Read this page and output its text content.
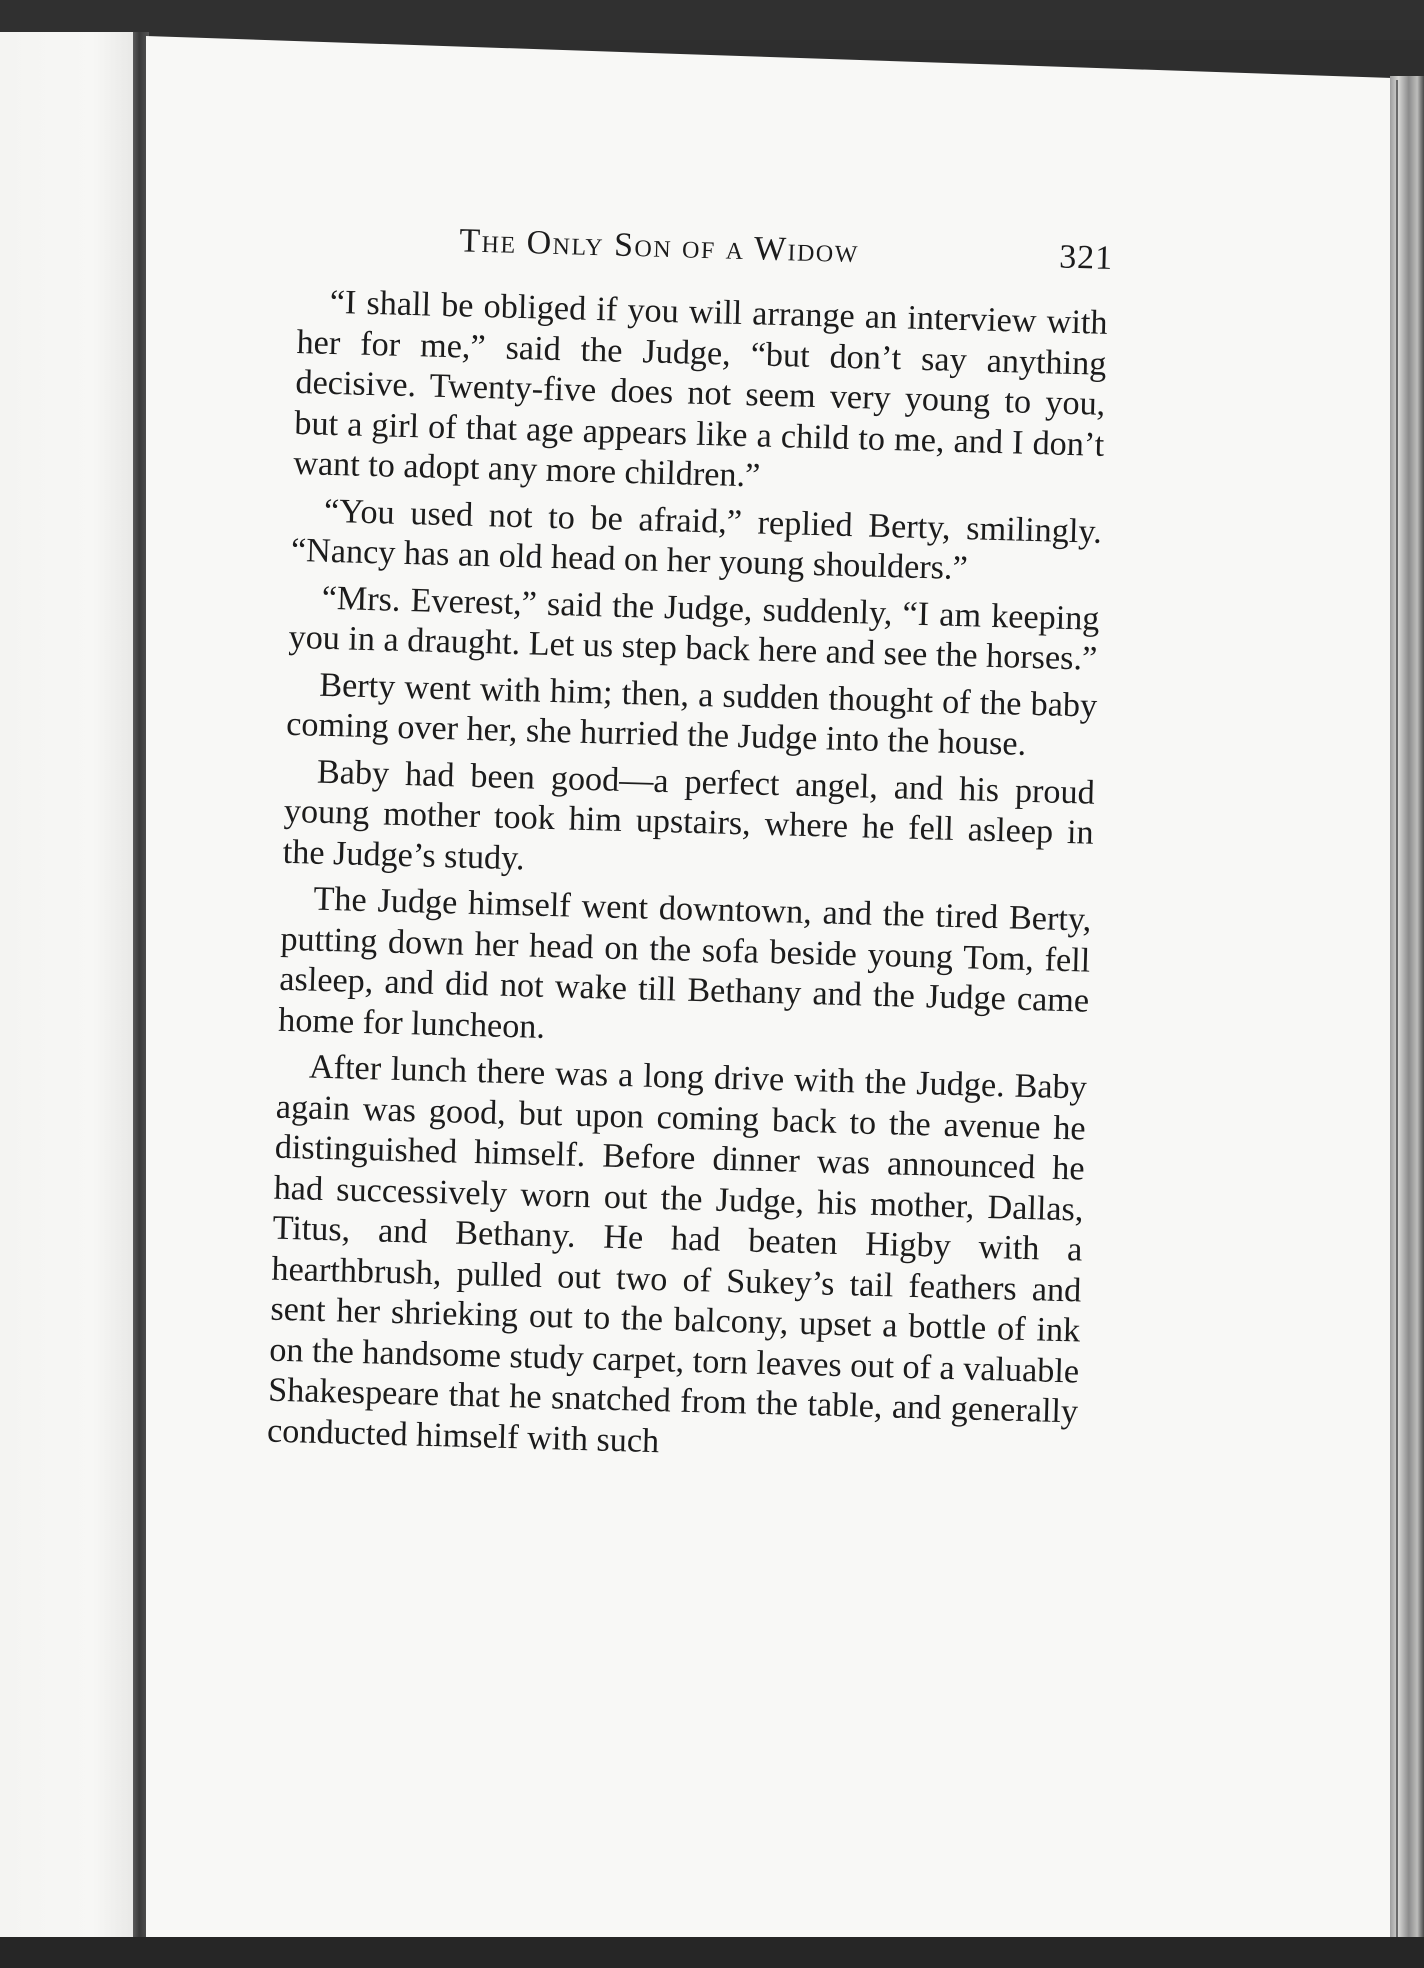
The Only Son of a Widow	321

“I shall be obliged if you will arrange an interview with her for me,” said the Judge, “but don’t say anything decisive. Twenty-five does not seem very young to you, but a girl of that age appears like a child to me, and I don’t want to adopt any more children.”

“You used not to be afraid,” replied Berty, smilingly. “Nancy has an old head on her young shoulders.”

“Mrs. Everest,” said the Judge, suddenly, “I am keeping you in a draught. Let us step back here and see the horses.”

Berty went with him; then, a sudden thought of the baby coming over her, she hurried the Judge into the house.

Baby had been good—a perfect angel, and his proud young mother took him upstairs, where he fell asleep in the Judge’s study.

The Judge himself went downtown, and the tired Berty, putting down her head on the sofa beside young Tom, fell asleep, and did not wake till Bethany and the Judge came home for luncheon.

After lunch there was a long drive with the Judge. Baby again was good, but upon coming back to the avenue he distinguished himself. Before dinner was announced he had successively worn out the Judge, his mother, Dallas, Titus, and Bethany. He had beaten Higby with a hearthbrush, pulled out two of Sukey’s tail feathers and sent her shrieking out to the balcony, upset a bottle of ink on the handsome study carpet, torn leaves out of a valuable Shakespeare that he snatched from the table, and generally conducted himself with such
